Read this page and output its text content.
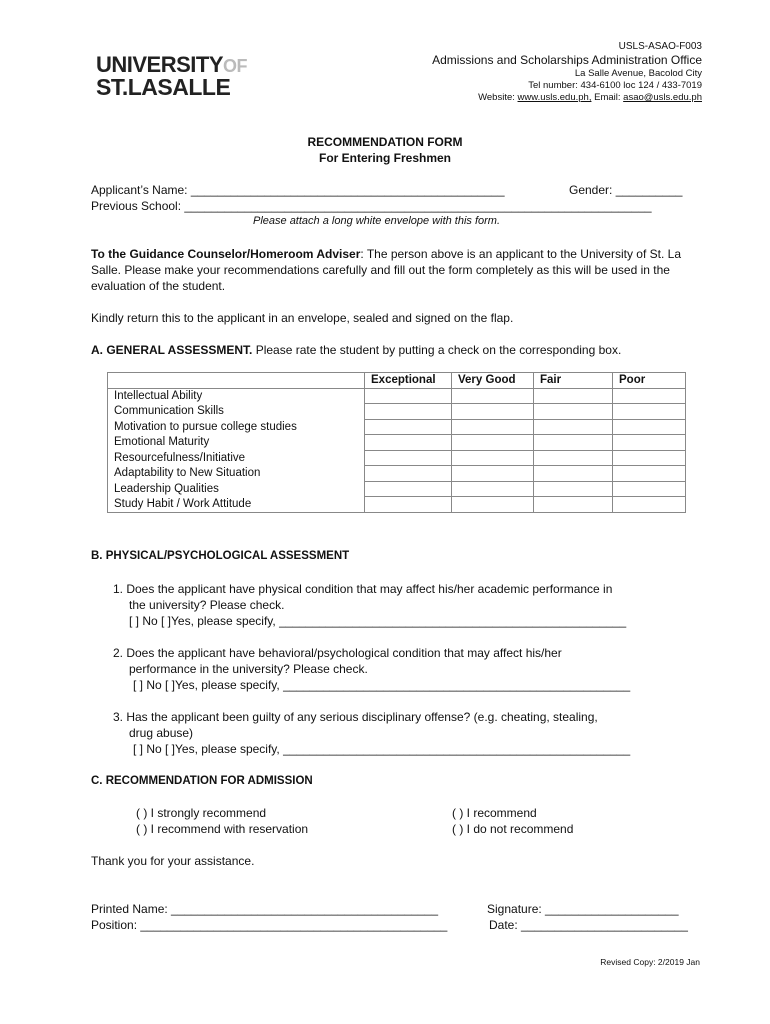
UNIVERSITYOF
ST.LASALLE
USLS-ASAO-F003
Admissions and Scholarships Administration Office
La Salle Avenue, Bacolod City
Tel number: 434-6100 loc 124 / 433-7019
Website: www.usls.edu.ph, Email: asao@usls.edu.ph
RECOMMENDATION FORM
For Entering Freshmen
Applicant’s Name: _______________________________________________	Gender: __________
Previous School: ______________________________________________________________________
Please attach a long white envelope with this form.
To the Guidance Counselor/Homeroom Adviser: The person above is an applicant to the University of St. La Salle. Please make your recommendations carefully and fill out the form completely as this will be used in the evaluation of the student.
Kindly return this to the applicant in an envelope, sealed and signed on the flap.
A. GENERAL ASSESSMENT. Please rate the student by putting a check on the corresponding box.
	Exceptional	Very Good	Fair	Poor
Intellectual Ability				
Communication Skills				
Motivation to pursue college studies				
Emotional Maturity				
Resourcefulness/Initiative				
Adaptability to New Situation				
Leadership Qualities				
Study Habit / Work Attitude				
B. PHYSICAL/PSYCHOLOGICAL ASSESSMENT
1. Does the applicant have physical condition that may affect his/her academic performance in
the university? Please check.
[ ] No [ ]Yes, please specify, ____________________________________________________
2. Does the applicant have behavioral/psychological condition that may affect his/her
performance in the university? Please check.
[ ] No [ ]Yes, please specify, ____________________________________________________
3. Has the applicant been guilty of any serious disciplinary offense? (e.g. cheating, stealing,
drug abuse)
[ ] No [ ]Yes, please specify, ____________________________________________________
C. RECOMMENDATION FOR ADMISSION
( ) I strongly recommend
( ) I recommend with reservation
( ) I recommend
( ) I do not recommend
Thank you for your assistance.
Printed Name: ________________________________________
Position: ______________________________________________
Signature: ____________________
Date: _________________________
Revised Copy: 2/2019 Jan
